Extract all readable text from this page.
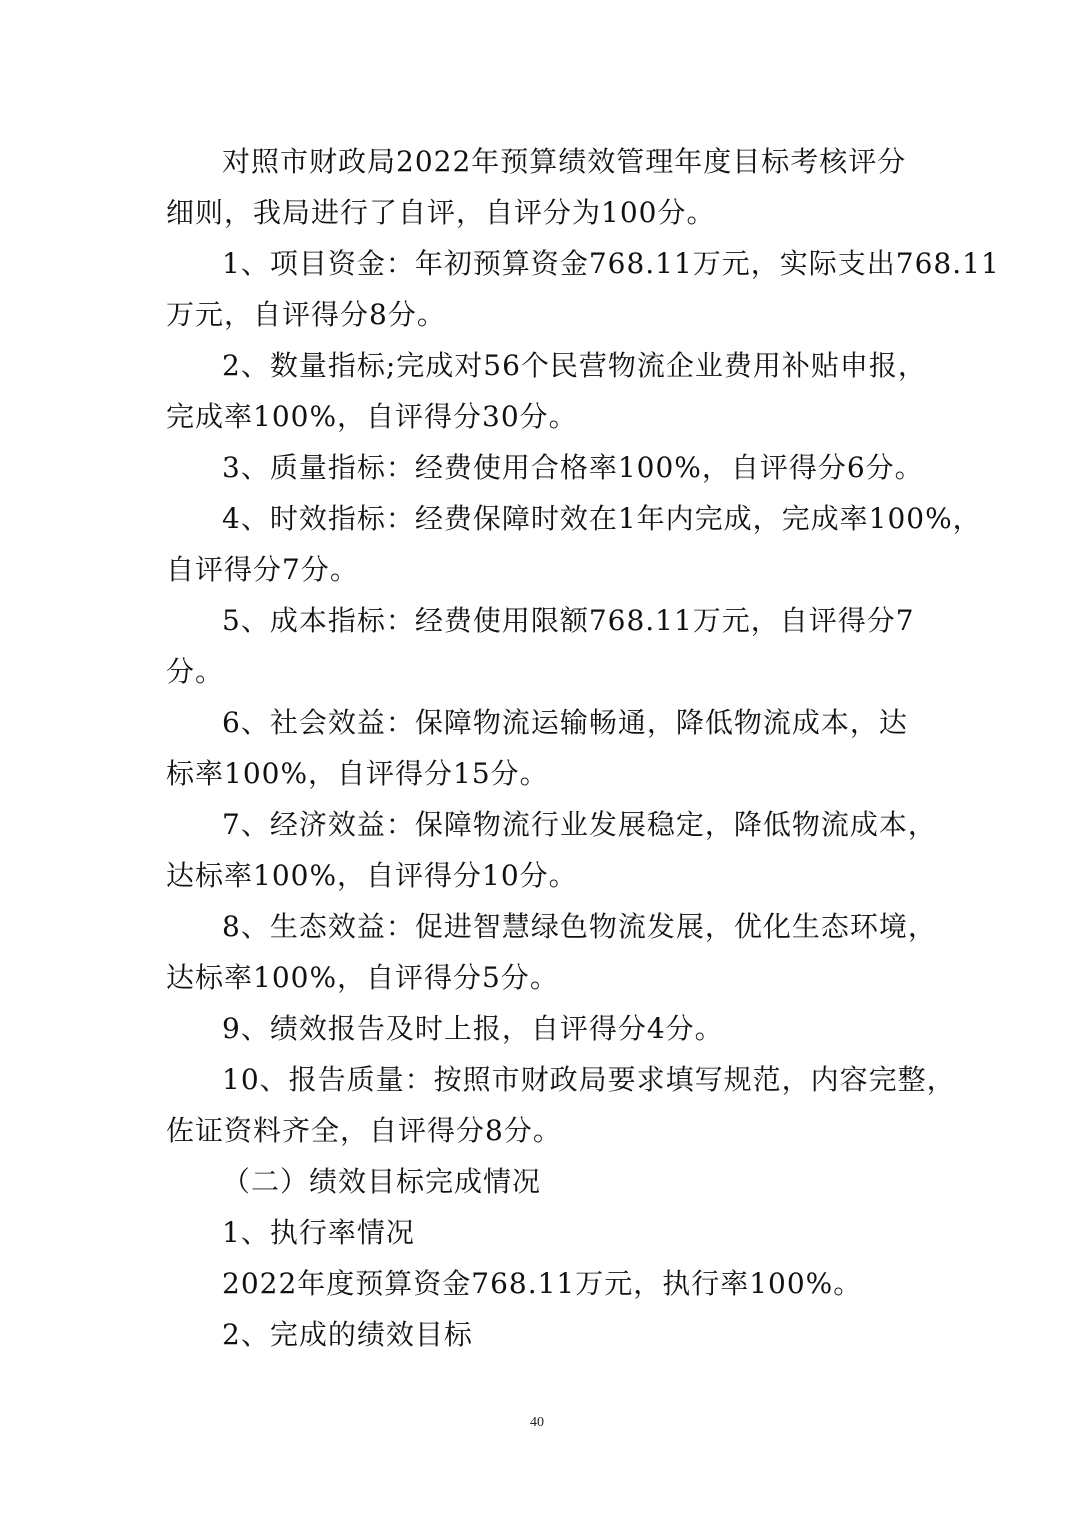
对照市财政局2022年预算绩效管理年度目标考核评分
细则，我局进行了自评，自评分为100分。

1、项目资金：年初预算资金768.11万元，实际支出768.11
万元，自评得分8分。

2、数量指标;完成对56个民营物流企业费用补贴申报，
完成率100%，自评得分30分。

3、质量指标：经费使用合格率100%，自评得分6分。

4、时效指标：经费保障时效在1年内完成，完成率100%，
自评得分7分。

5、成本指标：经费使用限额768.11万元，自评得分7
分。

6、社会效益：保障物流运输畅通，降低物流成本，达
标率100%，自评得分15分。

7、经济效益：保障物流行业发展稳定，降低物流成本，
达标率100%，自评得分10分。

8、生态效益：促进智慧绿色物流发展，优化生态环境，
达标率100%，自评得分5分。

9、绩效报告及时上报，自评得分4分。

10、报告质量：按照市财政局要求填写规范，内容完整，
佐证资料齐全，自评得分8分。

（二）绩效目标完成情况

1、执行率情况

2022年度预算资金768.11万元，执行率100%。

2、完成的绩效目标

40
